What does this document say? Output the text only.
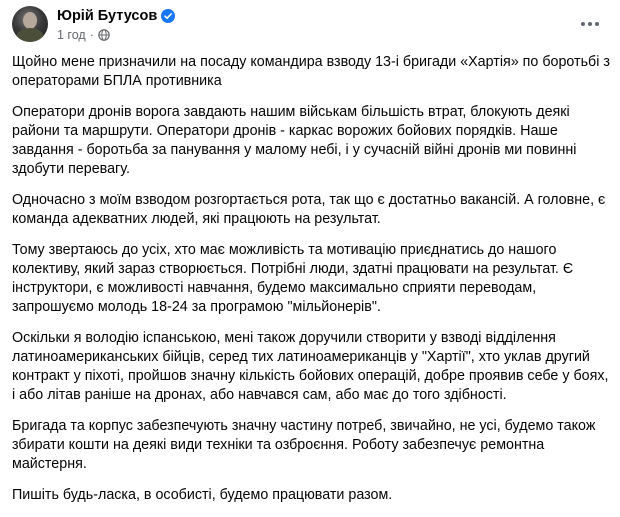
Юрій Бутусов
1 год ·

Щойно мене призначили на посаду командира взводу 13-і бригади «Хартія» по боротьбі з операторами БПЛА противника

Оператори дронів ворога завдають нашим військам більшість втрат, блокують деякі райони та маршрути. Оператори дронів - каркас ворожих бойових порядків. Наше завдання - боротьба за панування у малому небі, і у сучасній війні дронів ми повинні здобути перевагу.

Одночасно з моїм взводом розгортається рота, так що є достатньо вакансій. А головне, є команда адекватних людей, які працюють на результат.

Тому звертаюсь до усіх, хто має можливість та мотивацію приєднатись до нашого колективу, який зараз створюється. Потрібні люди, здатні працювати на результат. Є інструктори, є можливості навчання, будемо максимально сприяти переводам, запрошуємо молодь 18-24 за програмою "мільйонерів".

Оскільки я володію іспанською, мені також доручили створити у взводі відділення латиноамериканських бійців, серед тих латиноамериканців у "Хартії", хто уклав другий контракт у піхоті, пройшов значну кількість бойових операцій, добре проявив себе у боях, і або літав раніше на дронах, або навчався сам, або має до того здібності.

Бригада та корпус забезпечують значну частину потреб, звичайно, не усі, будемо також збирати кошти на деякі види техніки та озброєння. Роботу забезпечує ремонтна майстерня.

Пишіть будь-ласка, в особисті, будемо працювати разом.
